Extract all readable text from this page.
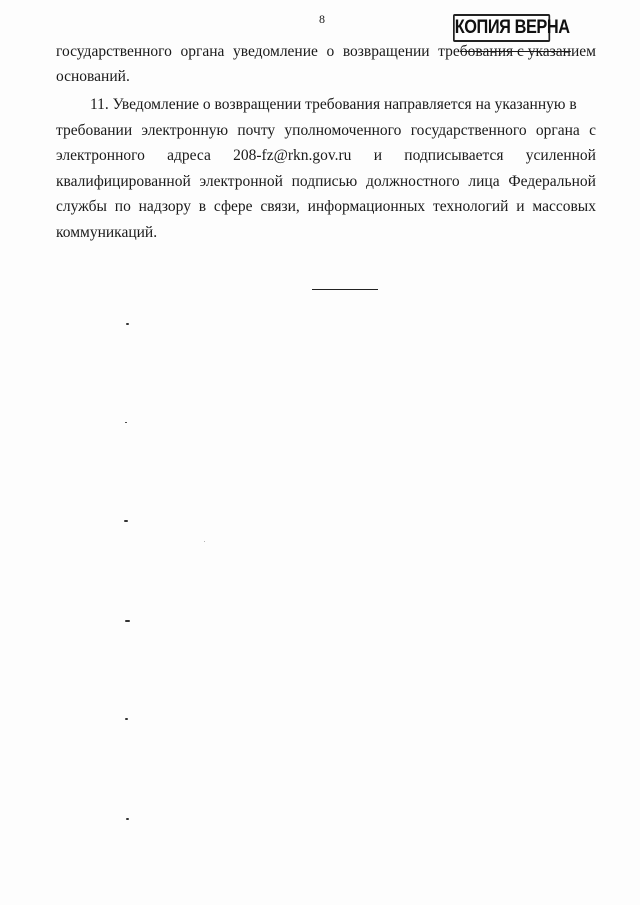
8	КОПИЯ ВЕРНА
государственного органа уведомление о возвращении требования с указанием
оснований.
11. Уведомление о возвращении требования направляется на указанную в
требовании электронную почту уполномоченного государственного органа с
электронного адреса 208-fz@rkn.gov.ru и подписывается усиленной
квалифицированной электронной подписью должностного лица Федеральной
службы по надзору в сфере связи, информационных технологий и массовых
коммуникаций.
